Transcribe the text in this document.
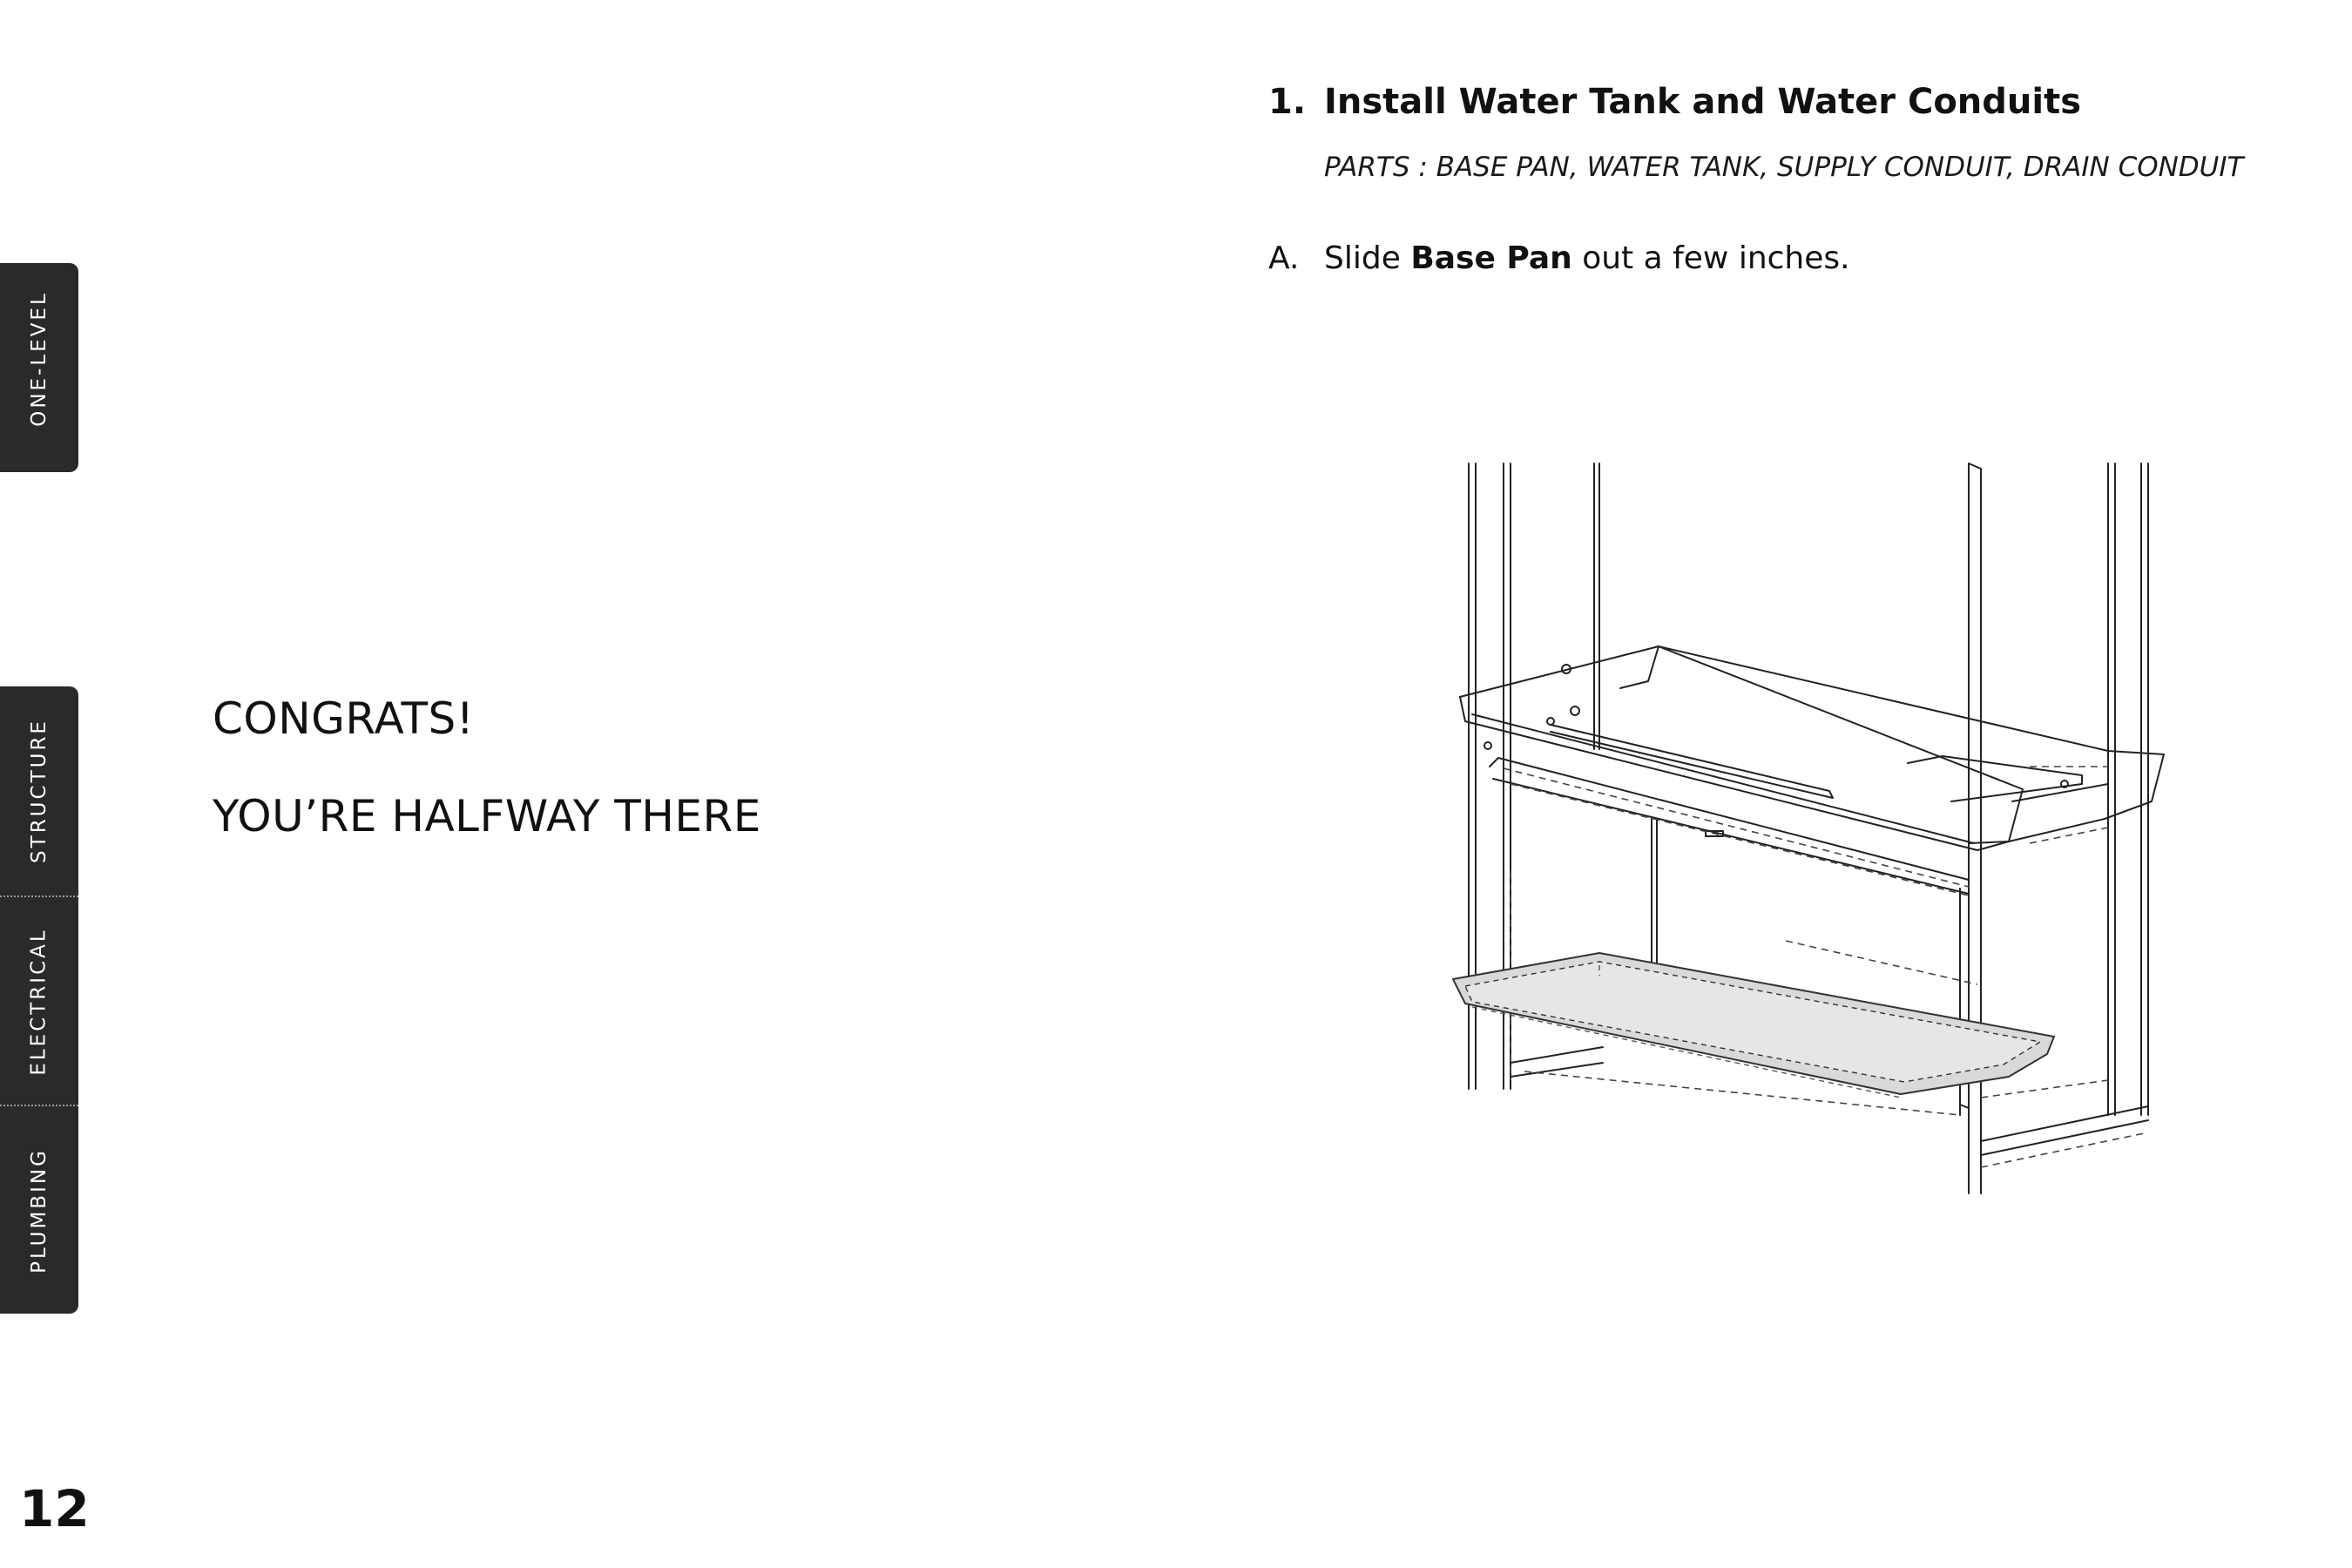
ONE-LEVEL
STRUCTURE
ELECTRICAL
PLUMBING
CONGRATS!
YOU’RE HALFWAY THERE
12
1. Install Water Tank and Water Conduits
PARTS : BASE PAN, WATER TANK, SUPPLY CONDUIT, DRAIN CONDUIT
A. Slide Base Pan out a few inches.
